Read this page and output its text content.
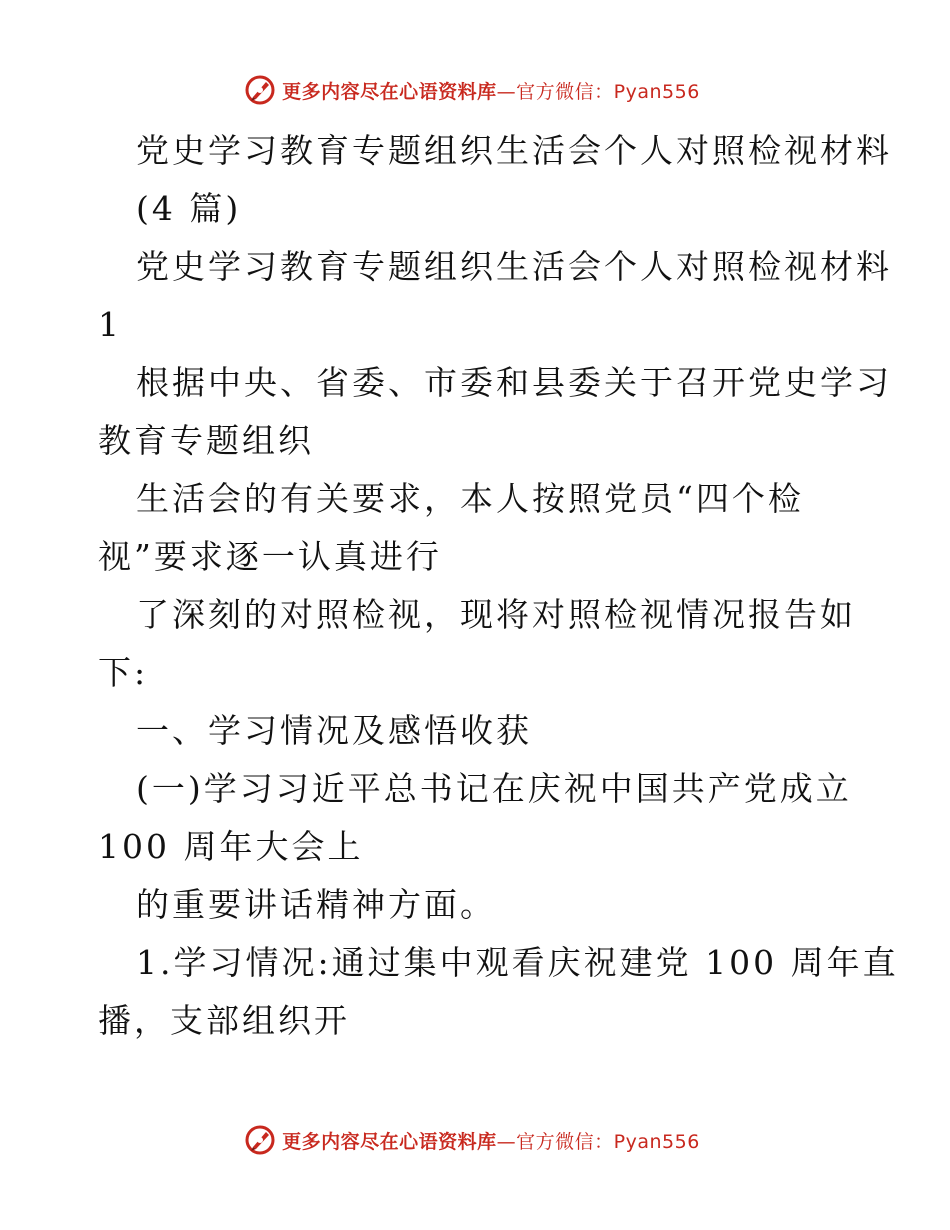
更多内容尽在心语资料库—官方微信：Pyan556
党史学习教育专题组织生活会个人对照检视材料
(4 篇)
党史学习教育专题组织生活会个人对照检视材料
1
根据中央、省委、市委和县委关于召开党史学习
教育专题组织
生活会的有关要求，本人按照党员“四个检
视”要求逐一认真进行
了深刻的对照检视，现将对照检视情况报告如
下:
一、学习情况及感悟收获
(一)学习习近平总书记在庆祝中国共产党成立
100 周年大会上
的重要讲话精神方面。
1.学习情况:通过集中观看庆祝建党 100 周年直
播，支部组织开
更多内容尽在心语资料库—官方微信：Pyan556
